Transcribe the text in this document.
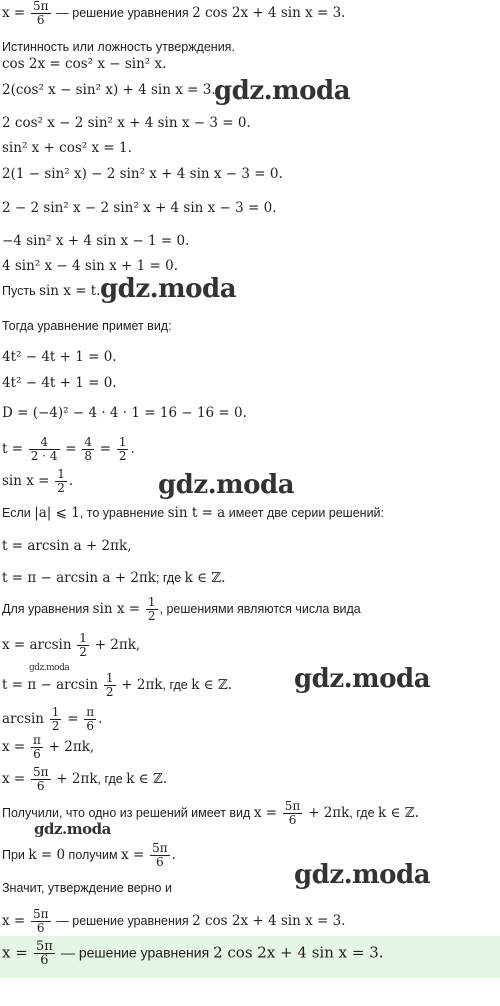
$x = \frac{5\pi}{6}$ — решение уравнения 2 cos 2x + 4 sin x = 3.
Истинность или ложность утверждения.
cos 2x = cos² x − sin² x.
2(cos² x − sin² x) + 4 sin x = 3.
2 cos² x − 2 sin² x + 4 sin x − 3 = 0.
sin² x + cos² x = 1.
2(1 − sin² x) − 2 sin² x + 4 sin x − 3 = 0.
2 − 2 sin² x − 2 sin² x + 4 sin x − 3 = 0.
−4 sin² x + 4 sin x − 1 = 0.
4 sin² x − 4 sin x + 1 = 0.
Пусть sin x = t.
Тогда уравнение примет вид:
4t² − 4t + 1 = 0.
4t² − 4t + 1 = 0.
D = (−4)² − 4 · 4 · 1 = 16 − 16 = 0.
$t = \frac{4}{2 \cdot 4} = \frac{4}{8} = \frac{1}{2}$ .
$\sin x = \frac{1}{2}$ .
Если |a| ⩽ 1, то уравнение sin t = a имеет две серии решений:
t = arcsin a + 2πk,
t = π − arcsin a + 2πk; где k ∈ ℤ.
Для уравнения $\sin x = \frac{1}{2}$ , решениями являются числа вида
$x = \arcsin \frac{1}{2} + 2\pi k$,
$t = \pi - \arcsin \frac{1}{2} + 2\pi k$, где k ∈ ℤ.
$\arcsin \frac{1}{2} = \frac{\pi}{6}$ .
$x = \frac{\pi}{6} + 2\pi k$,
$x = \frac{5\pi}{6} + 2\pi k$, где k ∈ ℤ.
Получили, что одно из решений имеет вид $x = \frac{5\pi}{6} + 2\pi k$, где k ∈ ℤ.
При k = 0 получим $x = \frac{5\pi}{6}$ .
Значит, утверждение верно и
$x = \frac{5\pi}{6}$ — решение уравнения 2 cos 2x + 4 sin x = 3.
$x = \frac{5\pi}{6}$ — решение уравнения 2 cos 2x + 4 sin x = 3.
gdz.moda
gdz.moda
gdz.moda
gdz.moda
gdz.moda
gdz.moda
gdz.moda
